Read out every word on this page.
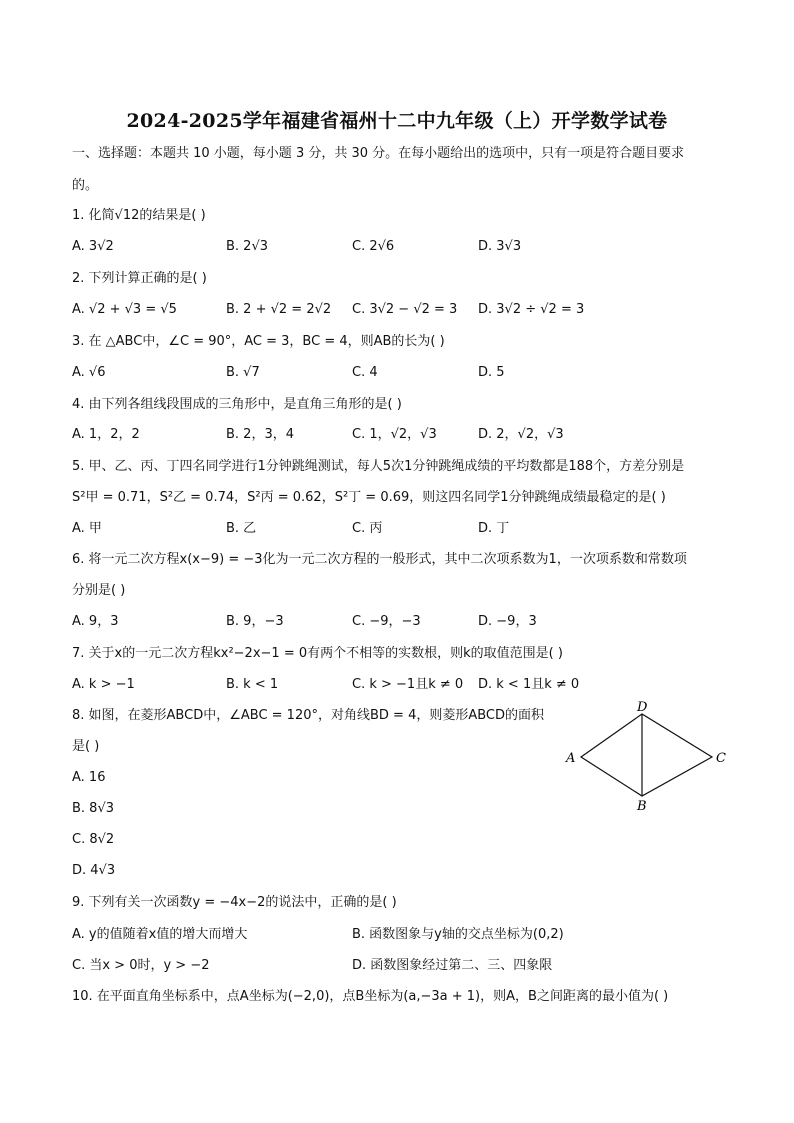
2024-2025学年福建省福州十二中九年级（上）开学数学试卷
一、选择题：本题共 10 小题，每小题 3 分，共 30 分。在每小题给出的选项中，只有一项是符合题目要求
的。
1. 化简√12的结果是( )
A. 3√2	B. 2√3	C. 2√6	D. 3√3
2. 下列计算正确的是( )
A. √2 + √3 = √5	B. 2 + √2 = 2√2 C. 3√2 − √2 = 3 D. 3√2 ÷ √2 = 3
3. 在 △ABC中，∠C = 90°，AC = 3，BC = 4，则AB的长为( )
A. √6	B. √7	C. 4	D. 5
4. 由下列各组线段围成的三角形中，是直角三角形的是( )
A. 1，2，2	B. 2，3，4	C. 1，√2，√3	D. 2，√2，√3
5. 甲、乙、丙、丁四名同学进行1分钟跳绳测试，每人5次1分钟跳绳成绩的平均数都是188个，方差分别是
S²甲 = 0.71，S²乙 = 0.74，S²丙 = 0.62，S²丁 = 0.69，则这四名同学1分钟跳绳成绩最稳定的是( )
A. 甲	B. 乙	C. 丙	D. 丁
6. 将一元二次方程x(x−9) = −3化为一元二次方程的一般形式，其中二次项系数为1，一次项系数和常数项
分别是( )
A. 9，3	B. 9，−3	C. −9，−3	D. −9，3
7. 关于x的一元二次方程kx²−2x−1 = 0有两个不相等的实数根，则k的取值范围是( )
A. k > −1	B. k < 1	C. k > −1且k ≠ 0 D. k < 1且k ≠ 0
8. 如图，在菱形ABCD中，∠ABC = 120°，对角线BD = 4，则菱形ABCD的面积
是( )
A. 16
B. 8√3
C. 8√2
D. 4√3
A
D
C
B
9. 下列有关一次函数y = −4x−2的说法中，正确的是( )
A. y的值随着x值的增大而增大	B. 函数图象与y轴的交点坐标为(0,2)
C. 当x > 0时，y > −2	D. 函数图象经过第二、三、四象限
10. 在平面直角坐标系中，点A坐标为(−2,0)，点B坐标为(a,−3a + 1)，则A，B之间距离的最小值为( )
